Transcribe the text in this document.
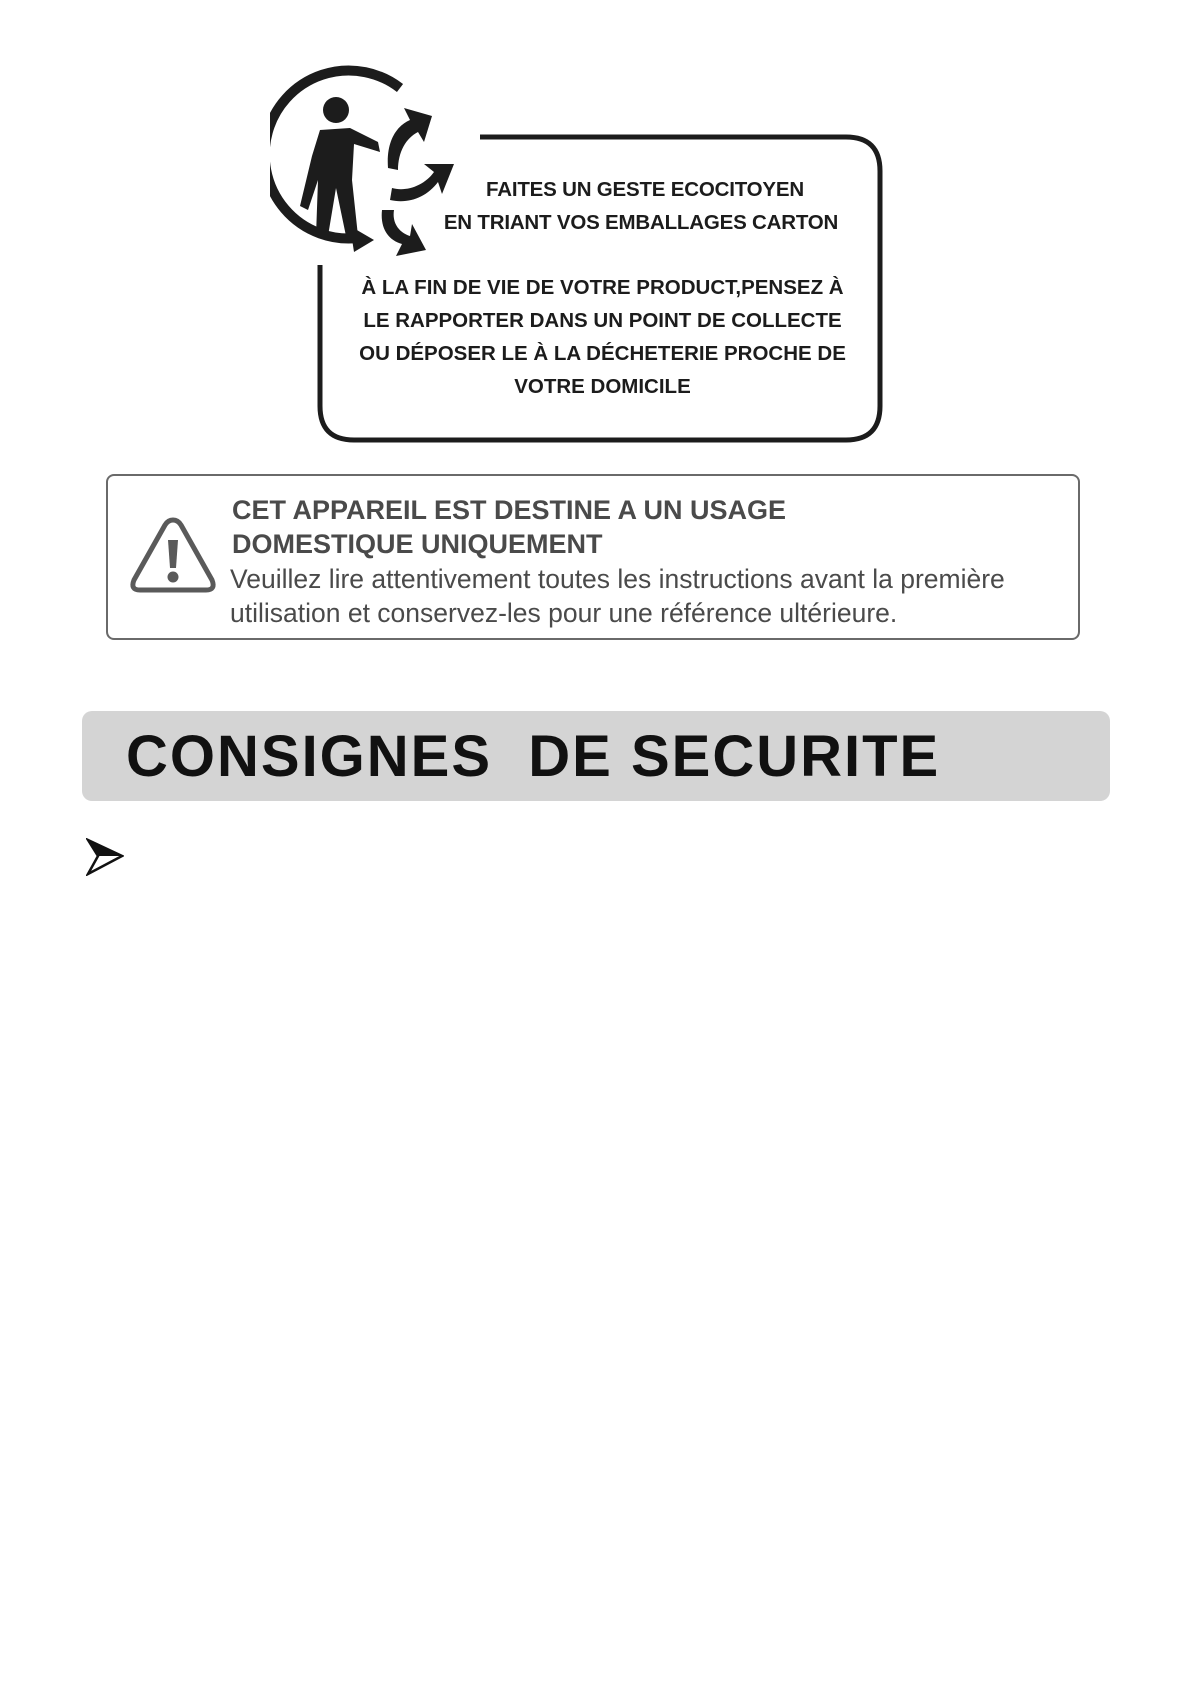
FAITES UN GESTE ECOCITOYEN
EN TRIANT VOS EMBALLAGES CARTON
À LA FIN DE VIE DE VOTRE PRODUCT,PENSEZ À
LE RAPPORTER DANS UN POINT DE COLLECTE
OU DÉPOSER LE À LA DÉCHETERIE PROCHE DE
VOTRE DOMICILE
CET APPAREIL EST DESTINE A UN USAGE
DOMESTIQUE UNIQUEMENT
Veuillez lire attentivement toutes les instructions avant la première
utilisation et conservez-les pour une référence ultérieure.
CONSIGNES  DE SECURITE
